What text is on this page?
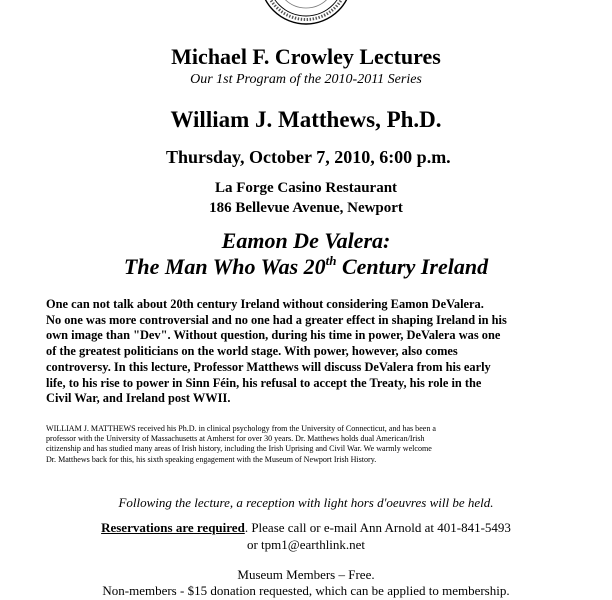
Michael F. Crowley Lectures
Our 1st Program of the 2010-2011 Series
William J. Matthews, Ph.D.
Thursday, October 7, 2010, 6:00 p.m.
La Forge Casino Restaurant
186 Bellevue Avenue, Newport
Eamon De Valera:
The Man Who Was 20th Century Ireland
One can not talk about 20th century Ireland without considering Eamon DeValera.
No one was more controversial and no one had a greater effect in shaping Ireland in his
own image than "Dev". Without question, during his time in power, DeValera was one
of the greatest politicians on the world stage. With power, however, also comes
controversy. In this lecture, Professor Matthews will discuss DeValera from his early
life, to his rise to power in Sinn Féin, his refusal to accept the Treaty, his role in the
Civil War, and Ireland post WWII.
WILLIAM J. MATTHEWS received his Ph.D. in clinical psychology from the University of Connecticut, and has been a
professor with the University of Massachusetts at Amherst for over 30 years. Dr. Matthews holds dual American/Irish
citizenship and has studied many areas of Irish history, including the Irish Uprising and Civil War. We warmly welcome
Dr. Matthews back for this, his sixth speaking engagement with the Museum of Newport Irish History.
Following the lecture, a reception with light hors d'oeuvres will be held.
Reservations are required. Please call or e-mail Ann Arnold at 401-841-5493
or tpm1@earthlink.net
Museum Members – Free.
Non-members - $15 donation requested, which can be applied to membership.
